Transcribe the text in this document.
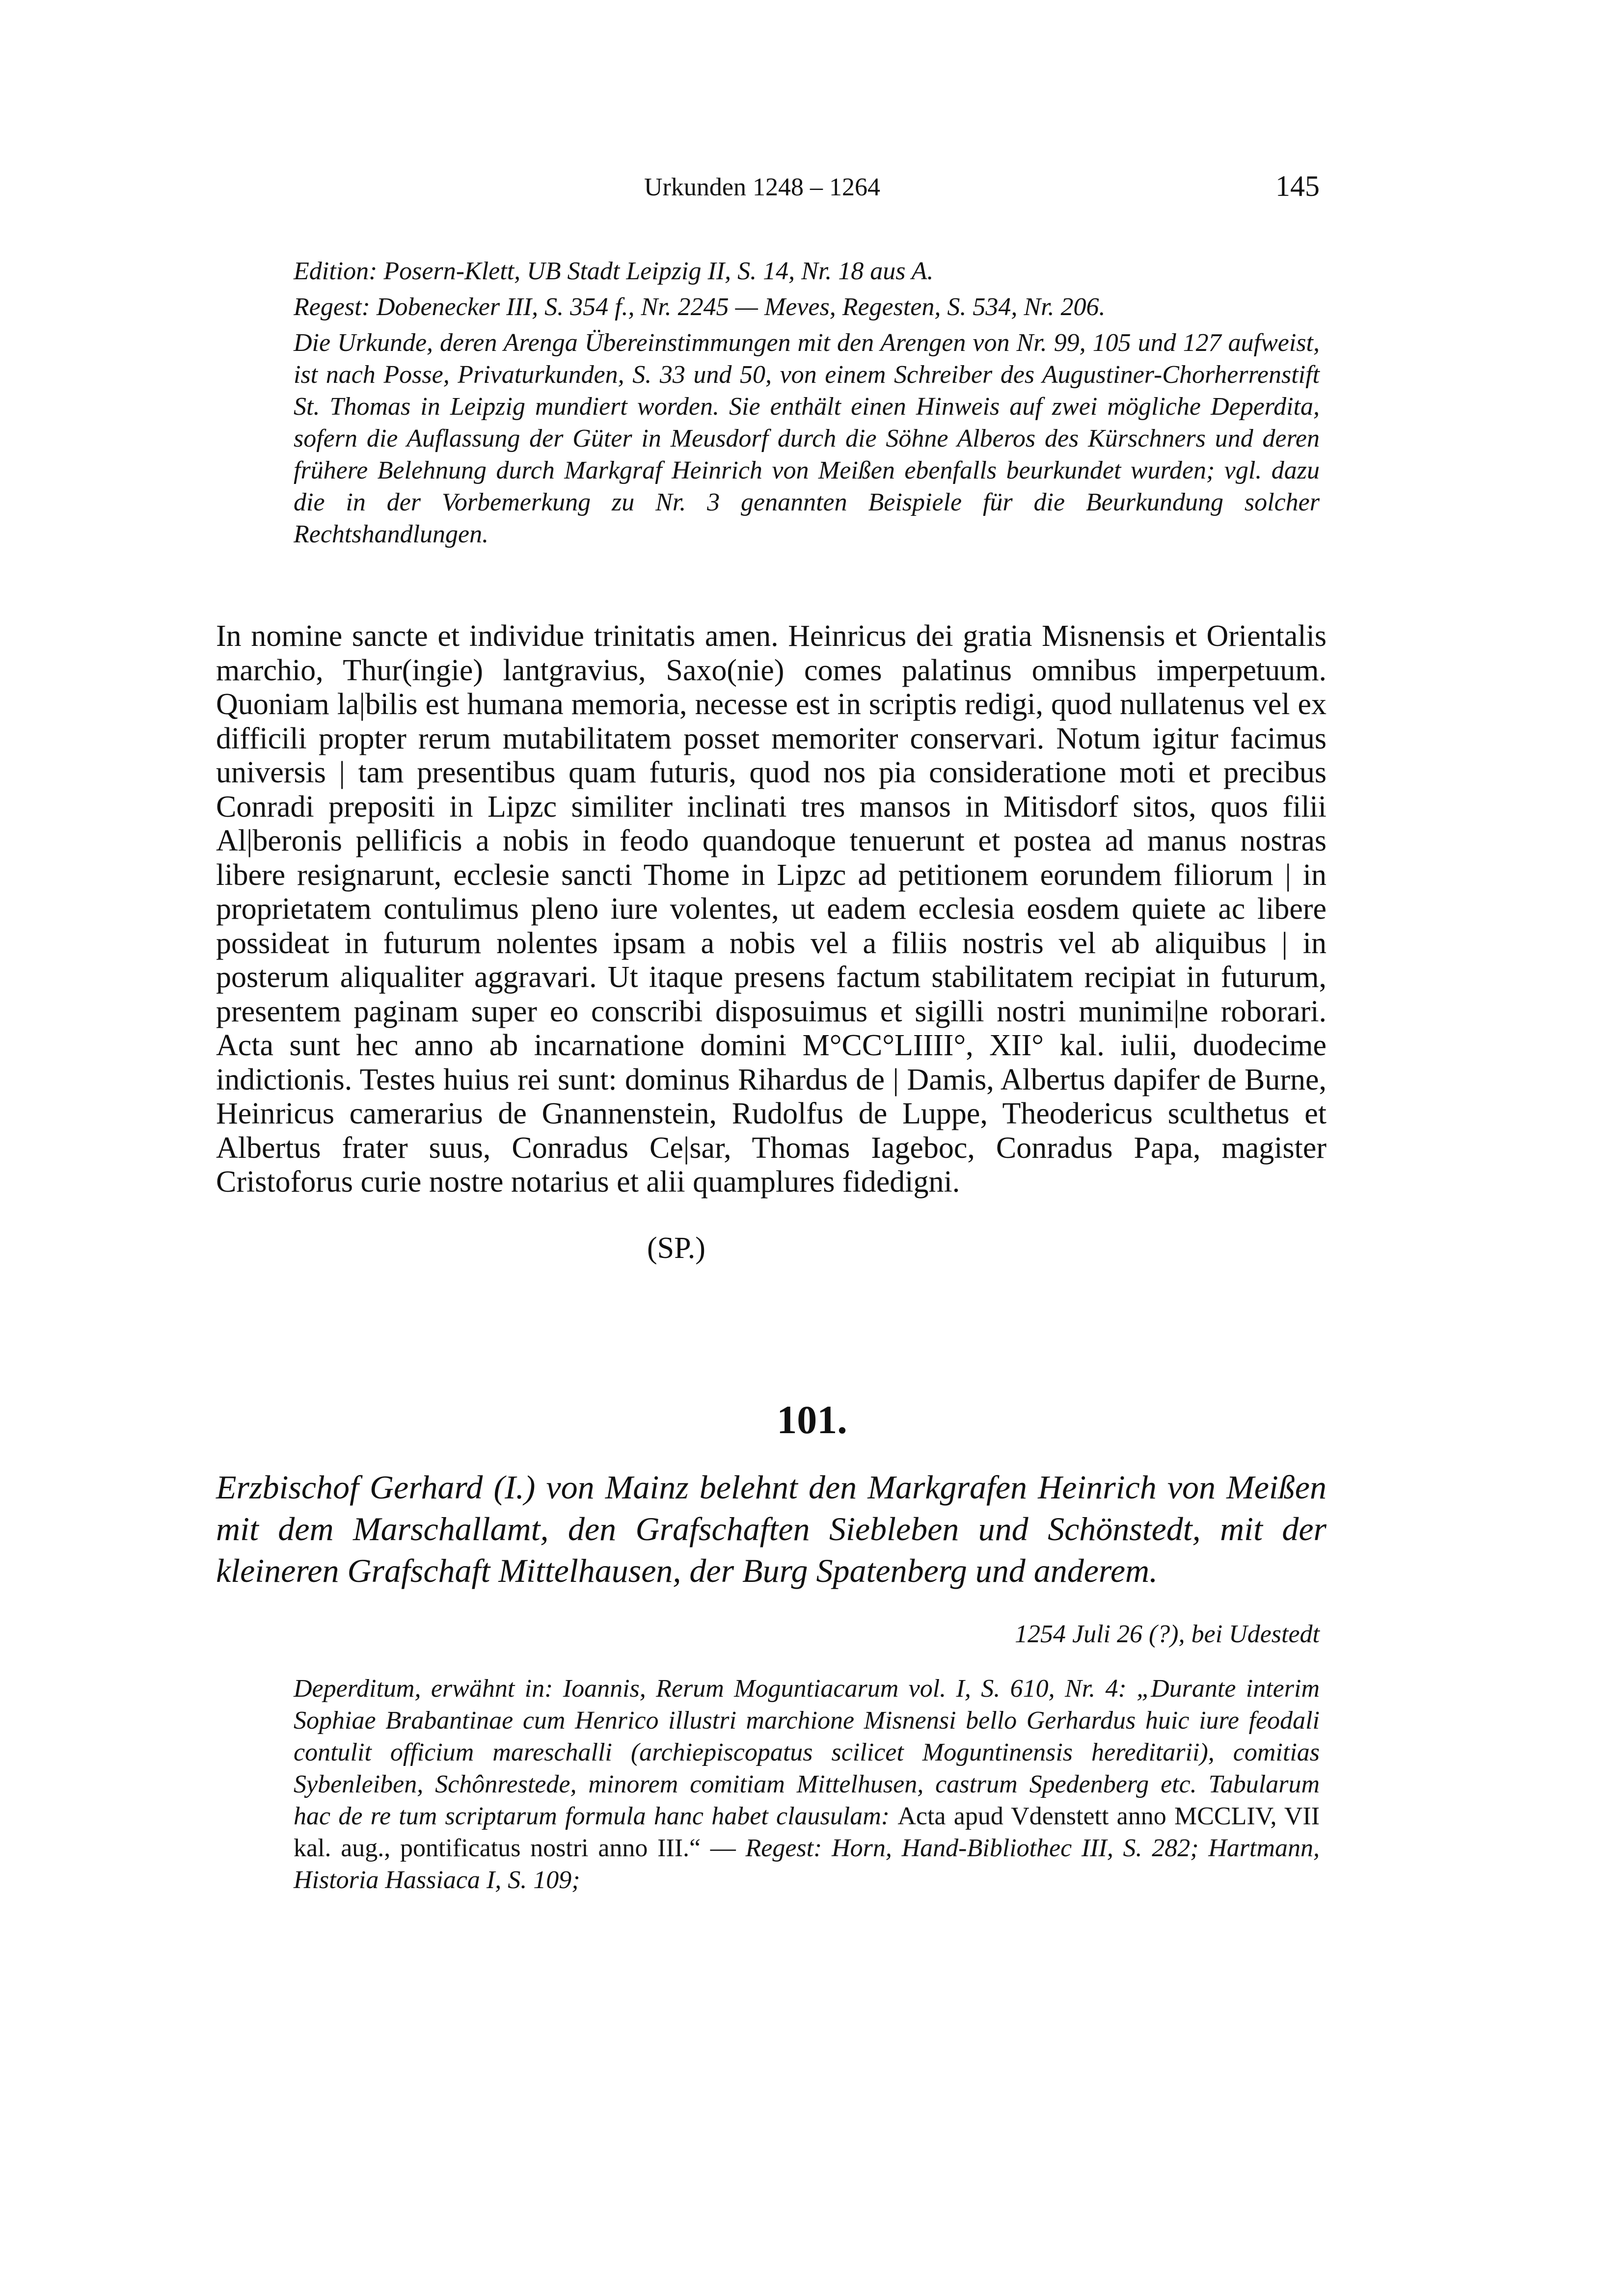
Urkunden 1248 – 1264	145

Edition: Posern-Klett, UB Stadt Leipzig II, S. 14, Nr. 18 aus A.

Regest: Dobenecker III, S. 354 f., Nr. 2245 — Meves, Regesten, S. 534, Nr. 206.

Die Urkunde, deren Arenga Übereinstimmungen mit den Arengen von Nr. 99, 105 und 127 aufweist, ist nach Posse, Privaturkunden, S. 33 und 50, von einem Schreiber des Augustiner-Chorherrenstift St. Thomas in Leipzig mundiert worden. Sie enthält einen Hinweis auf zwei mögliche Deperdita, sofern die Auflassung der Güter in Meusdorf durch die Söhne Alberos des Kürschners und deren frühere Belehnung durch Markgraf Heinrich von Meißen ebenfalls beurkundet wurden; vgl. dazu die in der Vorbemerkung zu Nr. 3 genannten Beispiele für die Beurkundung solcher Rechtshandlungen.

In nomine sancte et individue trinitatis amen. Heinricus dei gratia Misnensis et Orientalis marchio, Thur(ingie) lantgravius, Saxo(nie) comes palatinus omnibus imperpetuum. Quoniam la|bilis est humana memoria, necesse est in scriptis redigi, quod nullatenus vel ex difficili propter rerum mutabilitatem posset memoriter conservari. Notum igitur facimus universis | tam presentibus quam futuris, quod nos pia consideratione moti et precibus Conradi prepositi in Lipzc similiter inclinati tres mansos in Mitisdorf sitos, quos filii Al|beronis pellificis a nobis in feodo quandoque tenuerunt et postea ad manus nostras libere resignarunt, ecclesie sancti Thome in Lipzc ad petitionem eorundem filiorum | in proprietatem contulimus pleno iure volentes, ut eadem ecclesia eosdem quiete ac libere possideat in futurum nolentes ipsam a nobis vel a filiis nostris vel ab aliquibus | in posterum aliqualiter aggravari. Ut itaque presens factum stabilitatem recipiat in futurum, presentem paginam super eo conscribi disposuimus et sigilli nostri munimi|ne roborari. Acta sunt hec anno ab incarnatione domini M°CC°LIIII°, XII° kal. iulii, duodecime indictionis. Testes huius rei sunt: dominus Rihardus de | Damis, Albertus dapifer de Burne, Heinricus camerarius de Gnannenstein, Rudolfus de Luppe, Theodericus sculthetus et Albertus frater suus, Conradus Ce|sar, Thomas Iageboc, Conradus Papa, magister Cristoforus curie nostre notarius et alii quamplures fidedigni.

(SP.)
101.

Erzbischof Gerhard (I.) von Mainz belehnt den Markgrafen Heinrich von Meißen mit dem Marschallamt, den Grafschaften Siebleben und Schönstedt, mit der kleineren Grafschaft Mittelhausen, der Burg Spatenberg und anderem.

1254 Juli 26 (?), bei Udestedt

Deperditum, erwähnt in: Ioannis, Rerum Moguntiacarum vol. I, S. 610, Nr. 4: „Durante interim Sophiae Brabantinae cum Henrico illustri marchione Misnensi bello Gerhardus huic iure feodali contulit officium mareschalli (archiepiscopatus scilicet Moguntinensis hereditarii), comitias Sybenleiben, Schônrestede, minorem comitiam Mittelhusen, castrum Spedenberg etc. Tabularum hac de re tum scriptarum formula hanc habet clausulam: Acta apud Vdenstett anno MCCLIV, VII kal. aug., pontificatus nostri anno III.“ — Regest: Horn, Hand-Bibliothec III, S. 282; Hartmann, Historia Hassiaca I, S. 109;
